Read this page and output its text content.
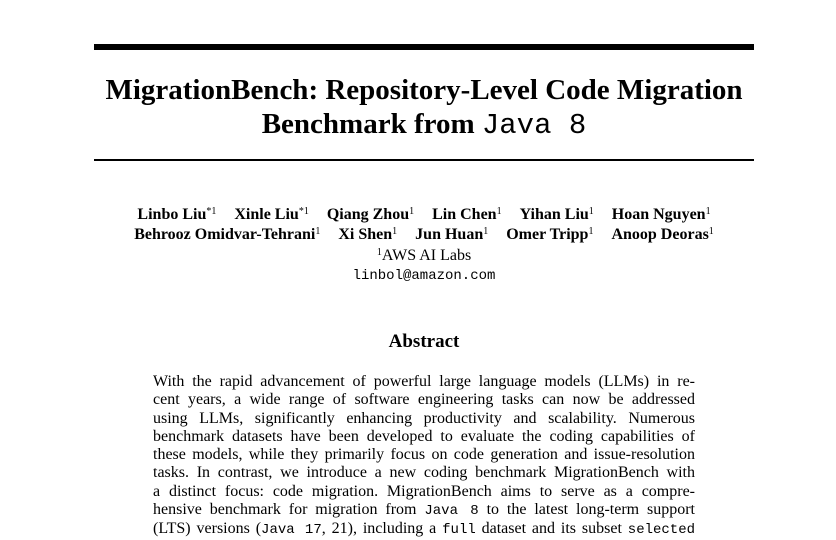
MigrationBench: Repository-Level Code Migration
Benchmark from Java 8
Linbo Liu$^{*1}$ Xinle Liu$^{*1}$ Qiang Zhou$^1$ Lin Chen$^1$ Yihan Liu$^1$ Hoan Nguyen$^1$
Behrooz Omidvar-Tehrani$^1$ Xi Shen$^1$ Jun Huan$^1$ Omer Tripp$^1$ Anoop Deoras$^1$
$^1$AWS AI Labs
linbol@amazon.com
Abstract
With the rapid advancement of powerful large language models (LLMs) in re-
cent years, a wide range of software engineering tasks can now be addressed
using LLMs, significantly enhancing productivity and scalability. Numerous
benchmark datasets have been developed to evaluate the coding capabilities of
these models, while they primarily focus on code generation and issue-resolution
tasks. In contrast, we introduce a new coding benchmark MigrationBench with
a distinct focus: code migration. MigrationBench aims to serve as a compre-
hensive benchmark for migration from Java 8 to the latest long-term support
(LTS) versions (Java 17, 21), including a full dataset and its subset selected
